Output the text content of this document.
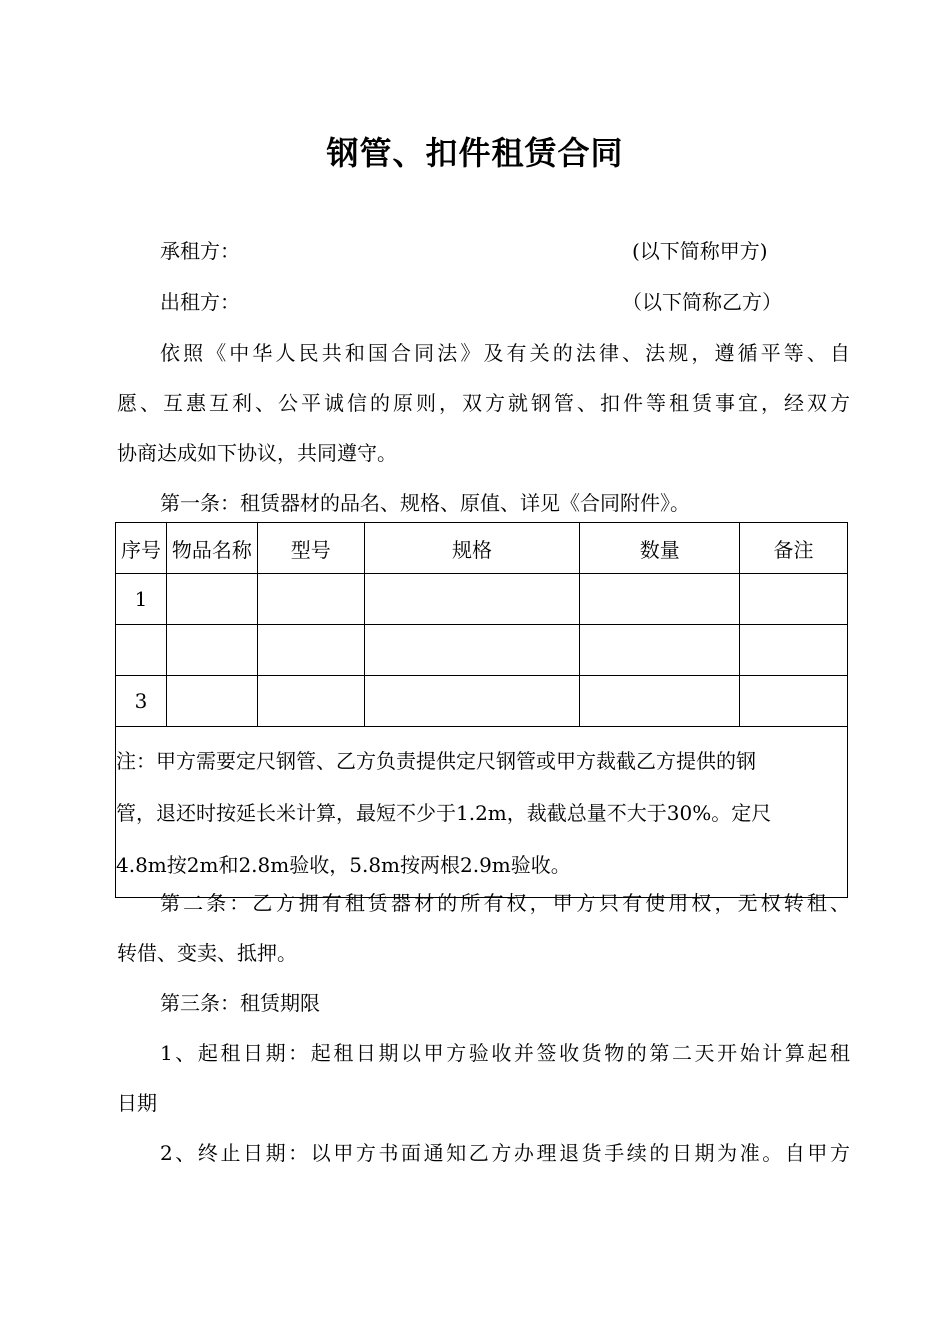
钢管、扣件租赁合同
承租方：	(以下简称甲方)
出租方：	（以下简称乙方）
依照《中华人民共和国合同法》及有关的法律、法规，遵循平等、自
愿、互惠互利、公平诚信的原则，双方就钢管、扣件等租赁事宜，经双方
协商达成如下协议，共同遵守。
第一条：租赁器材的品名、规格、原值、详见《合同附件》。
序号	物品名称	型号	规格	数量	备注
1					

3					

注：甲方需要定尺钢管、乙方负责提供定尺钢管或甲方裁截乙方提供的钢
管，退还时按延长米计算，最短不少于1.2m，裁截总量不大于30%。定尺
4.8m按2m和2.8m验收，5.8m按两根2.9m验收。					
第二条：乙方拥有租赁器材的所有权，甲方只有使用权，无权转租、
转借、变卖、抵押。
第三条：租赁期限
1、起租日期：起租日期以甲方验收并签收货物的第二天开始计算起租
日期
2、终止日期：以甲方书面通知乙方办理退货手续的日期为准。自甲方
